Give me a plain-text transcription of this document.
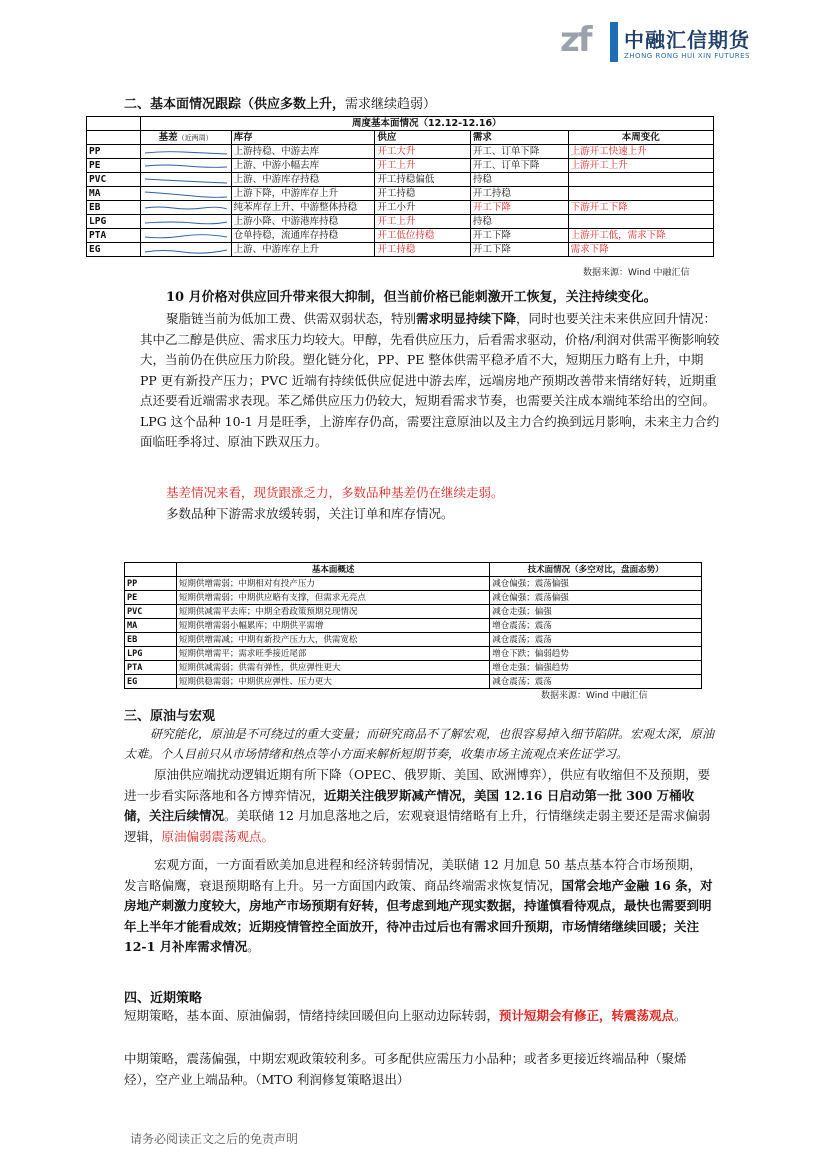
zf 中融汇信期货
ZHONG RONG HUI XIN FUTURES
二、基本面情况跟踪（供应多数上升，需求继续趋弱）
	周度基本面情况（12.12-12.16）				
	基差（近两周）	库存	供应	需求	本周变化
PP		上游持稳、中游去库	开工大升	开工、订单下降	上游开工快速上升
PE		上游、中游小幅去库	开工上升	开工、订单下降	上游开工上升
PVC		上游、中游库存持稳	开工持稳偏低	持稳	
MA		上游下降，中游库存上升	开工持稳	开工持稳	
EB		纯苯库存上升、中游整体持稳	开工小升	开工下降	下游开工下降
LPG		上游小降、中游港库持稳	开工上升	持稳	
PTA		仓单持稳，流通库存持稳	开工低位持稳	开工下降	上游开工低，需求下降
EG		上游、中游库存上升	开工持稳	开工下降	需求下降
数据来源：Wind 中融汇信
10 月价格对供应回升带来很大抑制，但当前价格已能刺激开工恢复，关注持续变化。
聚脂链当前为低加工费、供需双弱状态，特别需求明显持续下降，同时也要关注未来供应回升情况：其中乙二醇是供应、需求压力均较大。甲醇，先看供应压力，后看需求驱动，价格/利润对供需平衡影响较大，当前仍在供应压力阶段。塑化链分化，PP、PE 整体供需平稳矛盾不大，短期压力略有上升，中期 PP 更有新投产压力；PVC 近端有持续低供应促进中游去库，远端房地产预期改善带来情绪好转，近期重点还要看近端需求表现。苯乙烯供应压力仍较大，短期看需求节奏，也需要关注成本端纯苯给出的空间。LPG 这个品种 10-1 月是旺季，上游库存仍高，需要注意原油以及主力合约换到远月影响，未来主力合约面临旺季将过、原油下跌双压力。
基差情况来看，现货跟涨乏力，多数品种基差仍在继续走弱。
多数品种下游需求放缓转弱，关注订单和库存情况。
	基本面概述	技术面情况（多空对比，盘面态势）
PP	短期供增需弱；中期相对有投产压力	减仓偏强；震荡偏强
PE	短期供增需弱；中期供应略有支撑，但需求无亮点	减仓偏强；震荡偏强
PVC	短期供减需平去库；中期全看政策预期兑现情况	减仓走强；偏强
MA	短期供增需弱小幅累库；中期供平需增	增仓震荡；震荡
EB	短期供增需减；中期有新投产压力大，供需宽松	减仓震荡；震荡
LPG	短期供增需平；需求旺季接近尾部	增仓下跌；偏弱趋势
PTA	短期供减需弱；供需有弹性，供应弹性更大	增仓走强；偏强趋势
EG	短期供稳需弱；中期供应弹性、压力更大	减仓震荡；震荡
数据来源：Wind 中融汇信
三、原油与宏观
研究能化，原油是不可绕过的重大变量；而研究商品不了解宏观，也很容易掉入细节陷阱。宏观太深，原油太难。个人目前只从市场情绪和热点等小方面来解析短期节奏，收集市场主流观点来佐证学习。
原油供应端扰动逻辑近期有所下降（OPEC、俄罗斯、美国、欧洲博弈），供应有收缩但不及预期，要进一步看实际落地和各方博弈情况，近期关注俄罗斯减产情况，美国 12.16 日启动第一批 300 万桶收储，关注后续情况。美联储 12 月加息落地之后，宏观衰退情绪略有上升，行情继续走弱主要还是需求偏弱逻辑，原油偏弱震荡观点。
宏观方面，一方面看欧美加息进程和经济转弱情况，美联储 12 月加息 50 基点基本符合市场预期，发言略偏鹰，衰退预期略有上升。另一方面国内政策、商品终端需求恢复情况，国常会地产金融 16 条，对房地产刺激力度较大，房地产市场预期有好转，但考虑到地产现实数据，持谨慎看待观点，最快也需要到明年上半年才能看成效；近期疫情管控全面放开，待冲击过后也有需求回升预期，市场情绪继续回暖；关注 12-1 月补库需求情况。
四、近期策略
短期策略，基本面、原油偏弱，情绪持续回暖但向上驱动边际转弱，预计短期会有修正，转震荡观点。
中期策略，震荡偏强，中期宏观政策较利多。可多配供应需压力小品种；或者多更接近终端品种（聚烯烃），空产业上端品种。（MTO 利润修复策略退出）
请务必阅读正文之后的免责声明
